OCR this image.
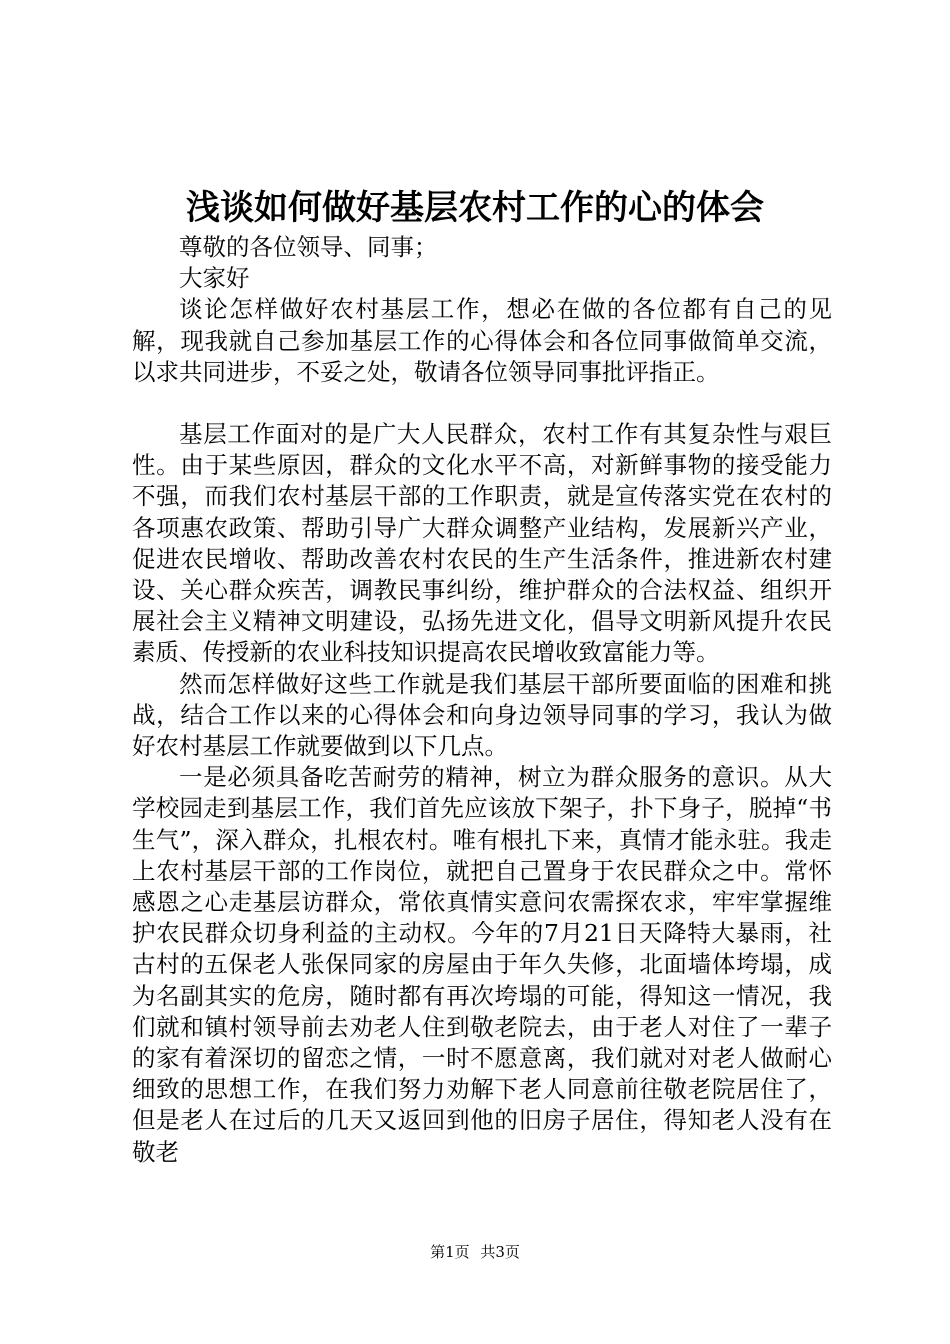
浅谈如何做好基层农村工作的心的体会

尊敬的各位领导、同事；

大家好

谈论怎样做好农村基层工作，想必在做的各位都有自己的见解，现我就自己参加基层工作的心得体会和各位同事做简单交流，以求共同进步，不妥之处，敬请各位领导同事批评指正。

基层工作面对的是广大人民群众，农村工作有其复杂性与艰巨性。由于某些原因，群众的文化水平不高，对新鲜事物的接受能力不强，而我们农村基层干部的工作职责，就是宣传落实党在农村的各项惠农政策、帮助引导广大群众调整产业结构，发展新兴产业，促进农民增收、帮助改善农村农民的生产生活条件，推进新农村建设、关心群众疾苦，调教民事纠纷，维护群众的合法权益、组织开展社会主义精神文明建设，弘扬先进文化，倡导文明新风提升农民素质、传授新的农业科技知识提高农民增收致富能力等。

然而怎样做好这些工作就是我们基层干部所要面临的困难和挑战，结合工作以来的心得体会和向身边领导同事的学习，我认为做好农村基层工作就要做到以下几点。

一是必须具备吃苦耐劳的精神，树立为群众服务的意识。从大学校园走到基层工作，我们首先应该放下架子，扑下身子，脱掉“书生气”，深入群众，扎根农村。唯有根扎下来，真情才能永驻。我走上农村基层干部的工作岗位，就把自己置身于农民群众之中。常怀感恩之心走基层访群众，常依真情实意问农需探农求，牢牢掌握维护农民群众切身利益的主动权。今年的7月21日天降特大暴雨，社古村的五保老人张保同家的房屋由于年久失修，北面墙体垮塌，成为名副其实的危房，随时都有再次垮塌的可能，得知这一情况，我们就和镇村领导前去劝老人住到敬老院去，由于老人对住了一辈子的家有着深切的留恋之情，一时不愿意离，我们就对对老人做耐心细致的思想工作，在我们努力劝解下老人同意前往敬老院居住了，但是老人在过后的几天又返回到他的旧房子居住，得知老人没有在敬老

第1页 共3页
